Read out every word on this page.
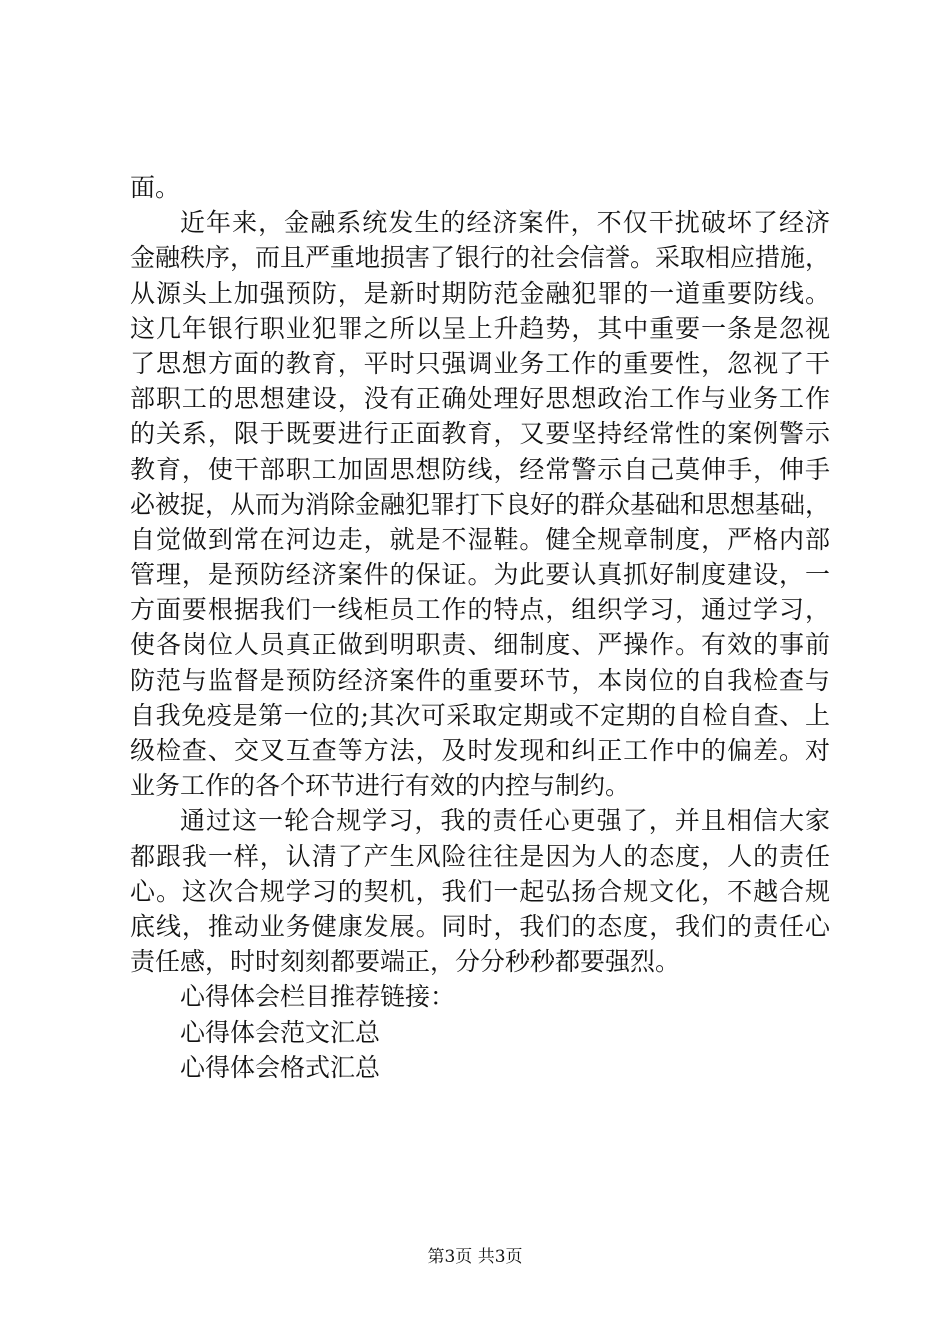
面。
近年来，金融系统发生的经济案件，不仅干扰破坏了经济
金融秩序，而且严重地损害了银行的社会信誉。采取相应措施，
从源头上加强预防，是新时期防范金融犯罪的一道重要防线。
这几年银行职业犯罪之所以呈上升趋势，其中重要一条是忽视
了思想方面的教育，平时只强调业务工作的重要性，忽视了干
部职工的思想建设，没有正确处理好思想政治工作与业务工作
的关系，限于既要进行正面教育，又要坚持经常性的案例警示
教育，使干部职工加固思想防线，经常警示自己莫伸手，伸手
必被捉，从而为消除金融犯罪打下良好的群众基础和思想基础，
自觉做到常在河边走，就是不湿鞋。健全规章制度，严格内部
管理，是预防经济案件的保证。为此要认真抓好制度建设，一
方面要根据我们一线柜员工作的特点，组织学习，通过学习，
使各岗位人员真正做到明职责、细制度、严操作。有效的事前
防范与监督是预防经济案件的重要环节，本岗位的自我检查与
自我免疫是第一位的;其次可采取定期或不定期的自检自查、上
级检查、交叉互查等方法，及时发现和纠正工作中的偏差。对
业务工作的各个环节进行有效的内控与制约。
通过这一轮合规学习，我的责任心更强了，并且相信大家
都跟我一样，认清了产生风险往往是因为人的态度，人的责任
心。这次合规学习的契机，我们一起弘扬合规文化，不越合规
底线，推动业务健康发展。同时，我们的态度，我们的责任心
责任感，时时刻刻都要端正，分分秒秒都要强烈。
心得体会栏目推荐链接：
心得体会范文汇总
心得体会格式汇总
第3页 共3页
